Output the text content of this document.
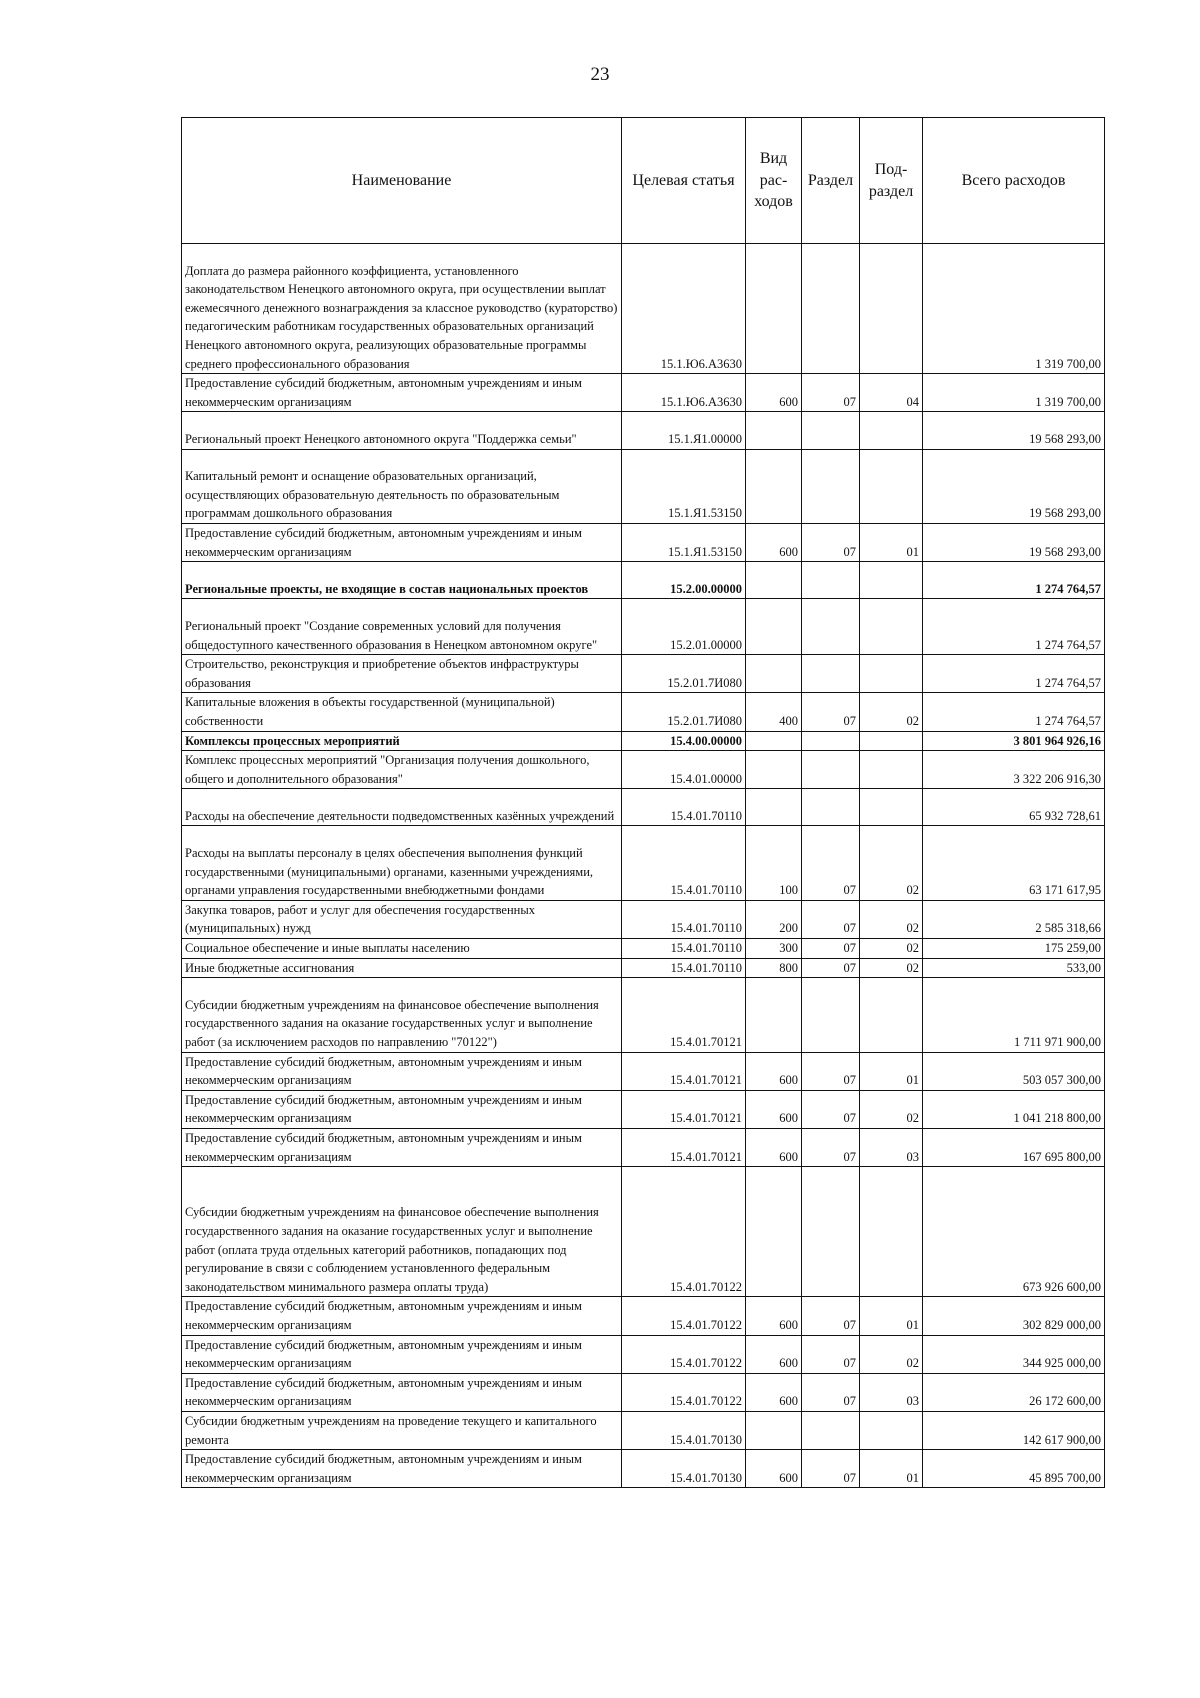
23
Наименование	Целевая статья	Вид рас-ходов	Раздел	Под-раздел	Всего расходов
Доплата до размера районного коэффициента, установленного законодательством Ненецкого автономного округа, при осуществлении выплат ежемесячного денежного вознаграждения за классное руководство (кураторство) педагогическим работникам государственных образовательных организаций Ненецкого автономного округа, реализующих образовательные программы среднего профессионального образования	15.1.Ю6.А3630				1 319 700,00
Предоставление субсидий бюджетным, автономным учреждениям и иным некоммерческим организациям	15.1.Ю6.А3630	600	07	04	1 319 700,00
Региональный проект Ненецкого автономного округа "Поддержка семьи"	15.1.Я1.00000				19 568 293,00
Капитальный ремонт и оснащение образовательных организаций, осуществляющих образовательную деятельность по образовательным программам дошкольного образования	15.1.Я1.53150				19 568 293,00
Предоставление субсидий бюджетным, автономным учреждениям и иным некоммерческим организациям	15.1.Я1.53150	600	07	01	19 568 293,00
Региональные проекты, не входящие в состав национальных проектов	15.2.00.00000				1 274 764,57
Региональный проект "Создание современных условий для получения общедоступного качественного образования в Ненецком автономном округе"	15.2.01.00000				1 274 764,57
Строительство, реконструкция и приобретение объектов инфраструктуры образования	15.2.01.7И080				1 274 764,57
Капитальные вложения в объекты государственной (муниципальной) собственности	15.2.01.7И080	400	07	02	1 274 764,57
Комплексы процессных мероприятий	15.4.00.00000				3 801 964 926,16
Комплекс процессных мероприятий "Организация получения дошкольного, общего и дополнительного образования"	15.4.01.00000				3 322 206 916,30
Расходы на обеспечение деятельности подведомственных казённых учреждений	15.4.01.70110				65 932 728,61
Расходы на выплаты персоналу в целях обеспечения выполнения функций государственными (муниципальными) органами, казенными учреждениями, органами управления государственными внебюджетными фондами	15.4.01.70110	100	07	02	63 171 617,95
Закупка товаров, работ и услуг для обеспечения государственных (муниципальных) нужд	15.4.01.70110	200	07	02	2 585 318,66
Социальное обеспечение и иные выплаты населению	15.4.01.70110	300	07	02	175 259,00
Иные бюджетные ассигнования	15.4.01.70110	800	07	02	533,00
Субсидии бюджетным учреждениям на финансовое обеспечение выполнения государственного задания на оказание государственных услуг и выполнение работ (за исключением расходов по направлению "70122")	15.4.01.70121				1 711 971 900,00
Предоставление субсидий бюджетным, автономным учреждениям и иным некоммерческим организациям	15.4.01.70121	600	07	01	503 057 300,00
Предоставление субсидий бюджетным, автономным учреждениям и иным некоммерческим организациям	15.4.01.70121	600	07	02	1 041 218 800,00
Предоставление субсидий бюджетным, автономным учреждениям и иным некоммерческим организациям	15.4.01.70121	600	07	03	167 695 800,00
Субсидии бюджетным учреждениям на финансовое обеспечение выполнения государственного задания на оказание государственных услуг и выполнение работ (оплата труда отдельных категорий работников, попадающих под регулирование в связи с соблюдением установленного федеральным законодательством минимального размера оплаты труда)	15.4.01.70122				673 926 600,00
Предоставление субсидий бюджетным, автономным учреждениям и иным некоммерческим организациям	15.4.01.70122	600	07	01	302 829 000,00
Предоставление субсидий бюджетным, автономным учреждениям и иным некоммерческим организациям	15.4.01.70122	600	07	02	344 925 000,00
Предоставление субсидий бюджетным, автономным учреждениям и иным некоммерческим организациям	15.4.01.70122	600	07	03	26 172 600,00
Субсидии бюджетным учреждениям на проведение текущего и капитального ремонта	15.4.01.70130				142 617 900,00
Предоставление субсидий бюджетным, автономным учреждениям и иным некоммерческим организациям	15.4.01.70130	600	07	01	45 895 700,00
